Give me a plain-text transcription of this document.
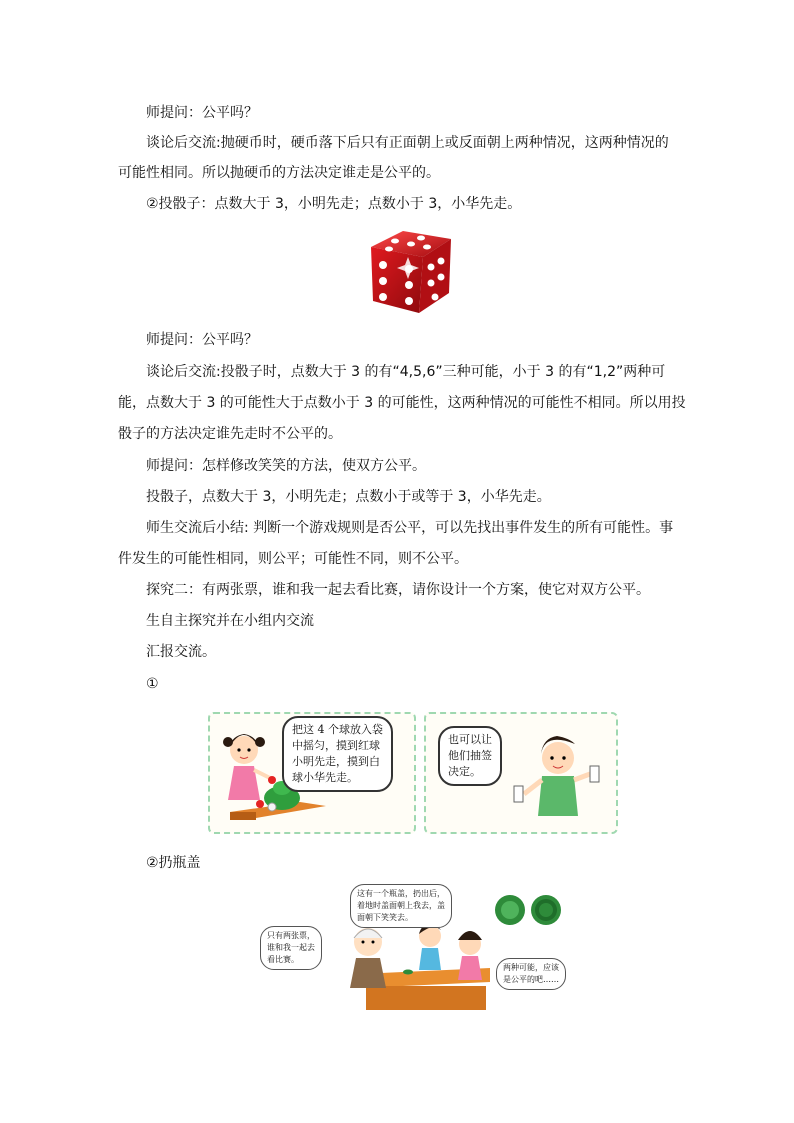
师提问：公平吗？
谈论后交流:抛硬币时，硬币落下后只有正面朝上或反面朝上两种情况，这两种情况的
可能性相同。所以抛硬币的方法决定谁走是公平的。
②投骰子：点数大于 3，小明先走；点数小于 3，小华先走。
师提问：公平吗？
谈论后交流:投骰子时，点数大于 3 的有“4,5,6”三种可能，小于 3 的有“1,2”两种可
能，点数大于 3 的可能性大于点数小于 3 的可能性，这两种情况的可能性不相同。所以用投
骰子的方法决定谁先走时不公平的。
师提问：怎样修改笑笑的方法，使双方公平。
投骰子，点数大于 3，小明先走；点数小于或等于 3，小华先走。
师生交流后小结: 判断一个游戏规则是否公平，可以先找出事件发生的所有可能性。事
件发生的可能性相同，则公平；可能性不同，则不公平。
探究二：有两张票，谁和我一起去看比赛，请你设计一个方案，使它对双方公平。
生自主探究并在小组内交流
汇报交流。
①
把这 4 个球放入袋
中摇匀，摸到红球
小明先走，摸到白
球小华先走。
也可以让
他们抽签
决定。
②扔瓶盖
这有一个瓶盖，扔出后，
着地时盖面朝上我去，盖
面朝下笑笑去。
只有两张票，
谁和我一起去
看比赛。
两种可能，应该
是公平的吧……
